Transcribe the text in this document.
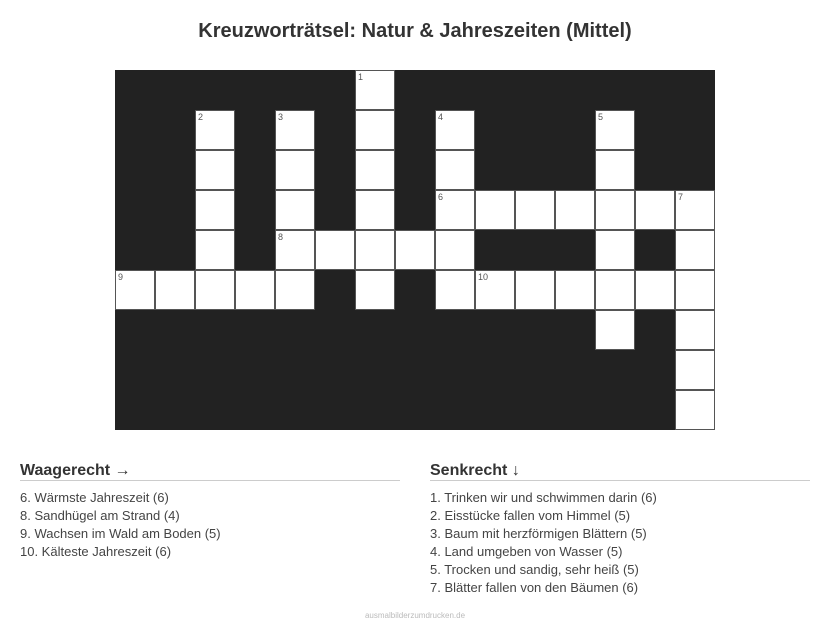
Kreuzworträtsel: Natur & Jahreszeiten (Mittel)
1
2	3	4	5
6	7
8
9	10
Waagerecht →
6. Wärmste Jahreszeit (6)
8. Sandhügel am Strand (4)
9. Wachsen im Wald am Boden (5)
10. Kälteste Jahreszeit (6)
Senkrecht ↓
1. Trinken wir und schwimmen darin (6)
2. Eisstücke fallen vom Himmel (5)
3. Baum mit herzförmigen Blättern (5)
4. Land umgeben von Wasser (5)
5. Trocken und sandig, sehr heiß (5)
7. Blätter fallen von den Bäumen (6)
ausmalbilderzumdrucken.de
